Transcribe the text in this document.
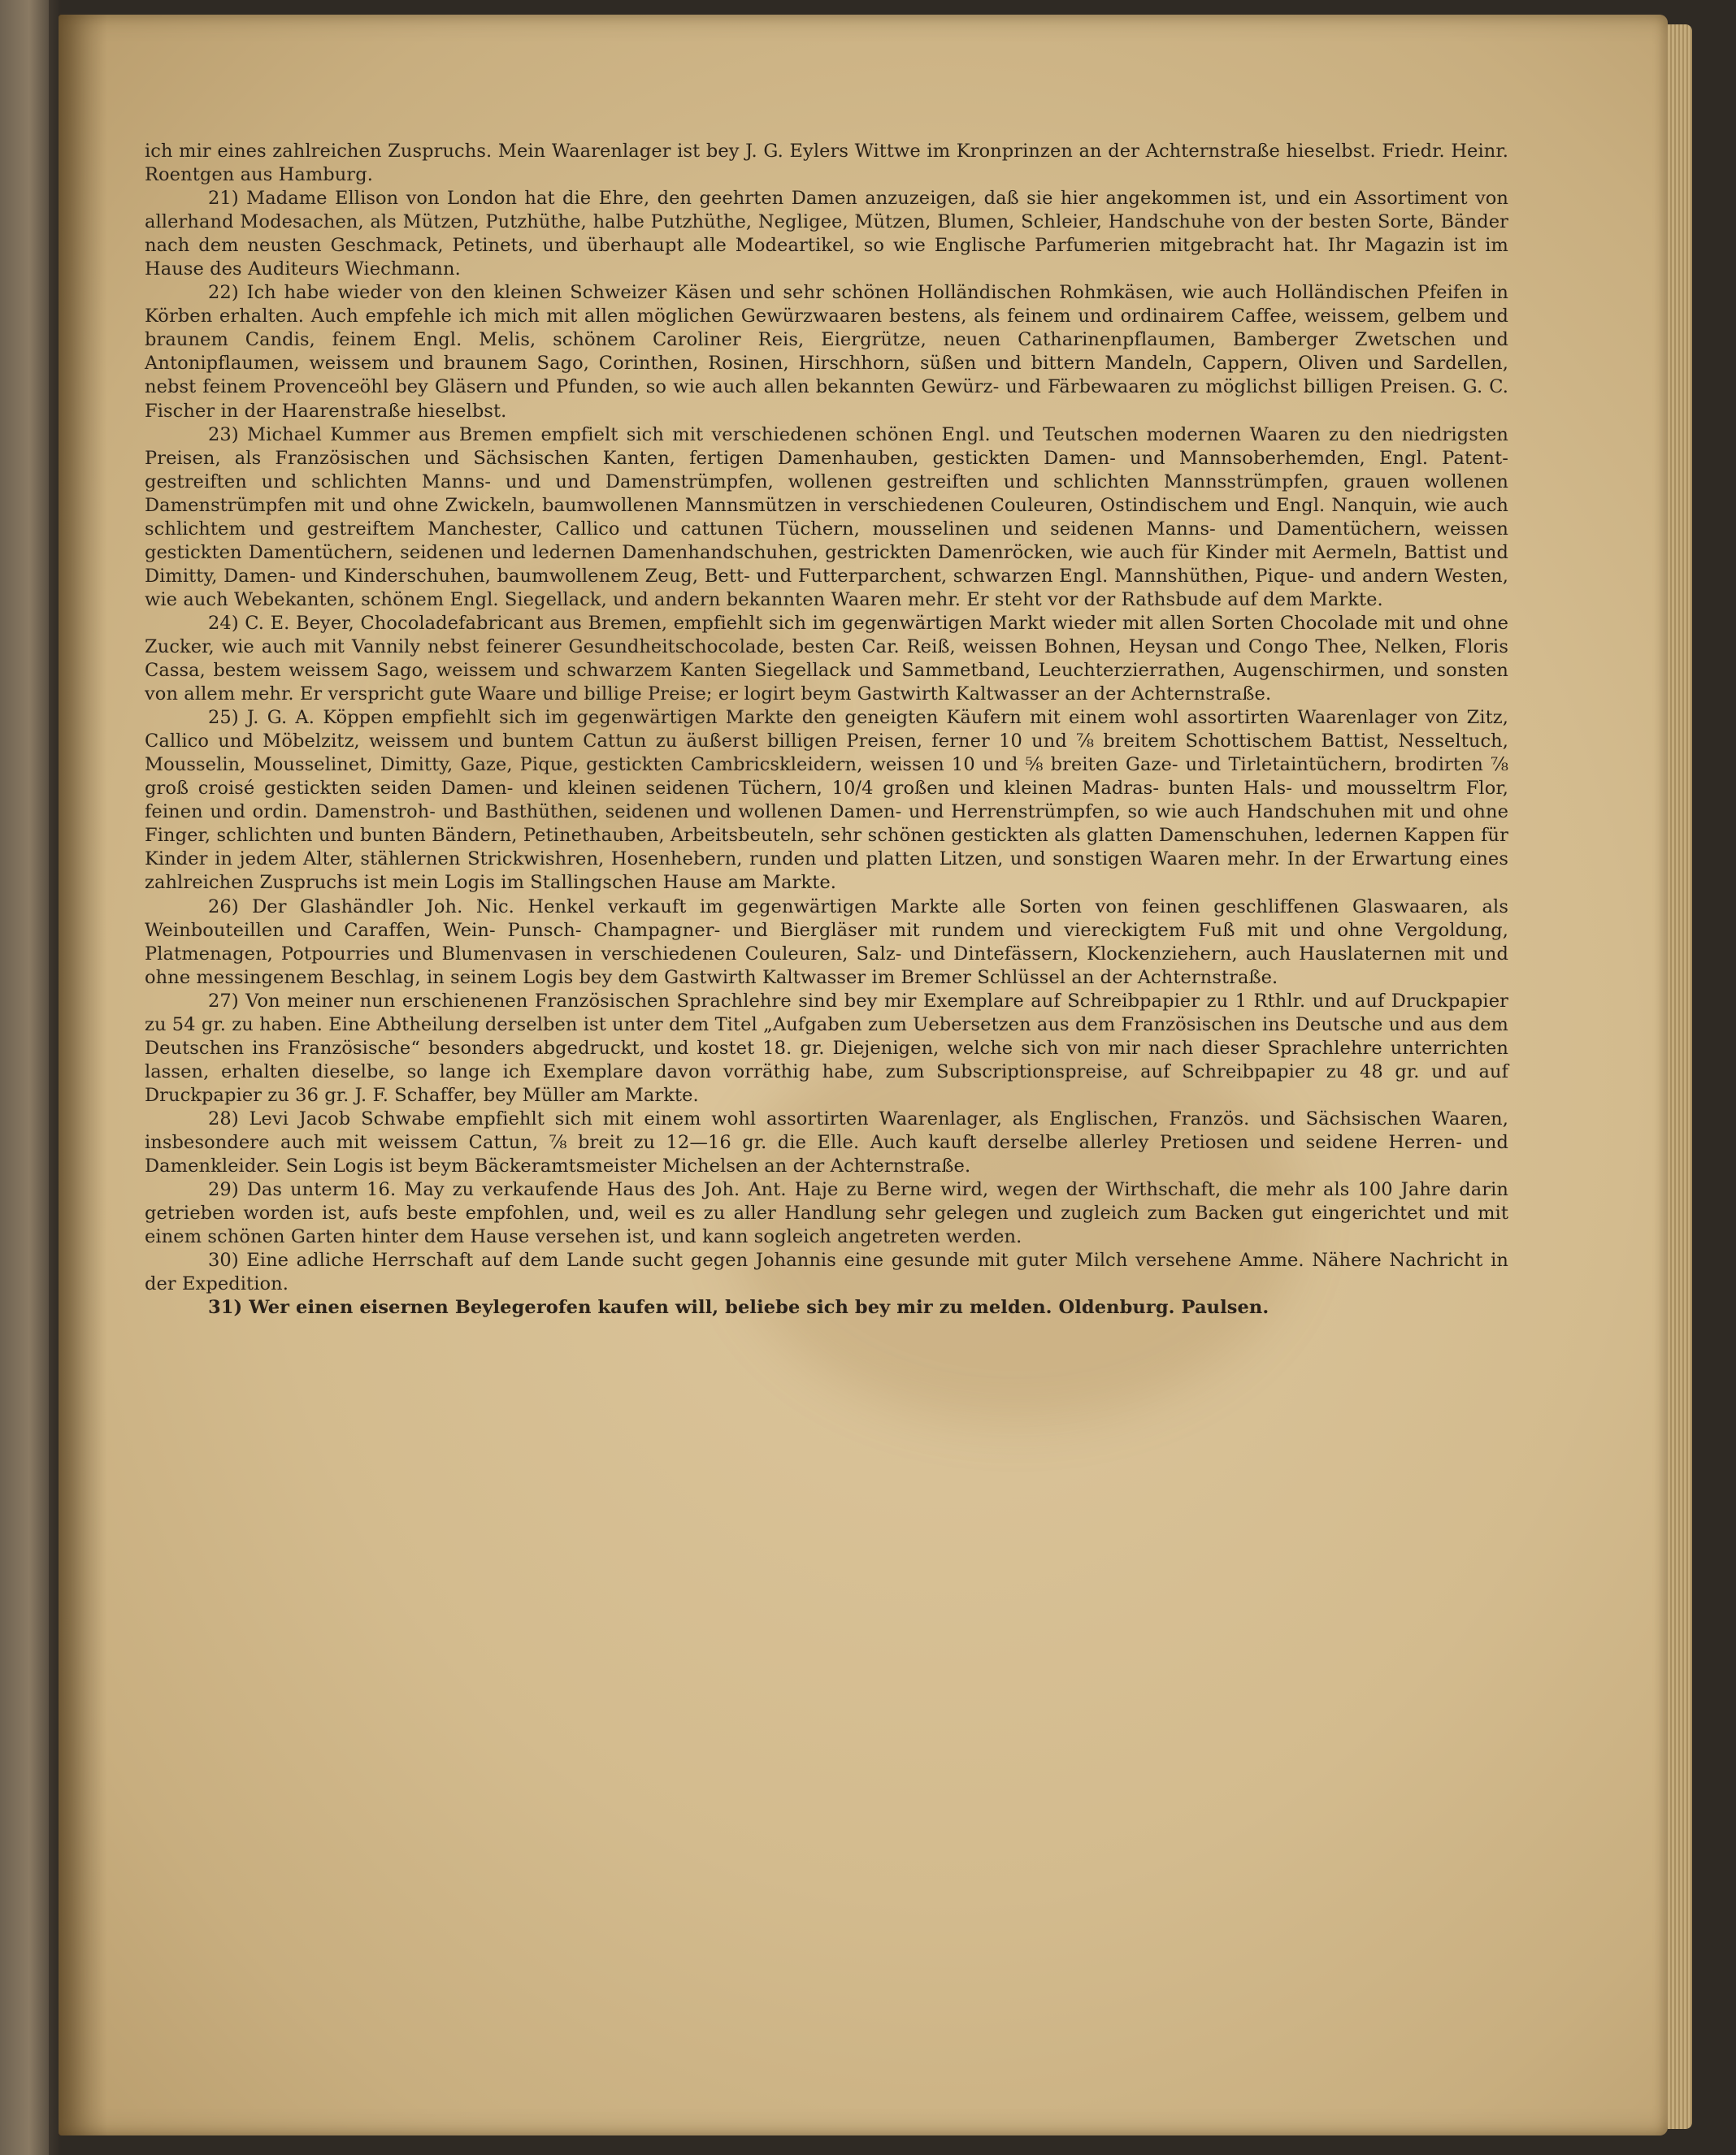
ich mir eines zahlreichen Zuspruchs. Mein Waarenlager ist bey J. G. Eylers Wittwe im Kronprinzen an der Achternstraße hieselbst. Friedr. Heinr. Roentgen aus Hamburg.

21) Madame Ellison von London hat die Ehre, den geehrten Damen anzuzeigen, daß sie hier angekommen ist, und ein Assortiment von allerhand Modesachen, als Mützen, Putzhüthe, halbe Putzhüthe, Negligee, Mützen, Blumen, Schleier, Handschuhe von der besten Sorte, Bänder nach dem neusten Geschmack, Petinets, und überhaupt alle Modeartikel, so wie Englische Parfumerien mitgebracht hat. Ihr Magazin ist im Hause des Auditeurs Wiechmann.

22) Ich habe wieder von den kleinen Schweizer Käsen und sehr schönen Holländischen Rohmkäsen, wie auch Holländischen Pfeifen in Körben erhalten. Auch empfehle ich mich mit allen möglichen Gewürzwaaren bestens, als feinem und ordinairem Caffee, weissem, gelbem und braunem Candis, feinem Engl. Melis, schönem Caroliner Reis, Eiergrütze, neuen Catharinenpflaumen, Bamberger Zwetschen und Antonipflaumen, weissem und braunem Sago, Corinthen, Rosinen, Hirschhorn, süßen und bittern Mandeln, Cappern, Oliven und Sardellen, nebst feinem Provenceöhl bey Gläsern und Pfunden, so wie auch allen bekannten Gewürz- und Färbewaaren zu möglichst billigen Preisen. G. C. Fischer in der Haarenstraße hieselbst.

23) Michael Kummer aus Bremen empfielt sich mit verschiedenen schönen Engl. und Teutschen modernen Waaren zu den niedrigsten Preisen, als Französischen und Sächsischen Kanten, fertigen Damenhauben, gestickten Damen- und Mannsoberhemden, Engl. Patent- gestreiften und schlichten Manns- und und Damenstrümpfen, wollenen gestreiften und schlichten Mannsstrümpfen, grauen wollenen Damenstrümpfen mit und ohne Zwickeln, baumwollenen Mannsmützen in verschiedenen Couleuren, Ostindischem und Engl. Nanquin, wie auch schlichtem und gestreiftem Manchester, Callico und cattunen Tüchern, mousselinen und seidenen Manns- und Damentüchern, weissen gestickten Damentüchern, seidenen und ledernen Damenhandschuhen, gestrickten Damenröcken, wie auch für Kinder mit Aermeln, Battist und Dimitty, Damen- und Kinderschuhen, baumwollenem Zeug, Bett- und Futterparchent, schwarzen Engl. Mannshüthen, Pique- und andern Westen, wie auch Webekanten, schönem Engl. Siegellack, und andern bekannten Waaren mehr. Er steht vor der Rathsbude auf dem Markte.

24) C. E. Beyer, Chocoladefabricant aus Bremen, empfiehlt sich im gegenwärtigen Markt wieder mit allen Sorten Chocolade mit und ohne Zucker, wie auch mit Vannily nebst feinerer Gesundheitschocolade, besten Car. Reiß, weissen Bohnen, Heysan und Congo Thee, Nelken, Floris Cassa, bestem weissem Sago, weissem und schwarzem Kanten Siegellack und Sammetband, Leuchterzierrathen, Augenschirmen, und sonsten von allem mehr. Er verspricht gute Waare und billige Preise; er logirt beym Gastwirth Kaltwasser an der Achternstraße.

25) J. G. A. Köppen empfiehlt sich im gegenwärtigen Markte den geneigten Käufern mit einem wohl assortirten Waarenlager von Zitz, Callico und Möbelzitz, weissem und buntem Cattun zu äußerst billigen Preisen, ferner 10 und ⅞ breitem Schottischem Battist, Nesseltuch, Mousselin, Mousselinet, Dimitty, Gaze, Pique, gestickten Cambricskleidern, weissen 10 und ⅝ breiten Gaze- und Tirletaintüchern, brodirten ⅞ groß croisé gestickten seiden Damen- und kleinen seidenen Tüchern, 10/4 großen und kleinen Madras- bunten Hals- und mousseltrm Flor, feinen und ordin. Damenstroh- und Basthüthen, seidenen und wollenen Damen- und Herrenstrümpfen, so wie auch Handschuhen mit und ohne Finger, schlichten und bunten Bändern, Petinethauben, Arbeitsbeuteln, sehr schönen gestickten als glatten Damenschuhen, ledernen Kappen für Kinder in jedem Alter, stählernen Strickwishren, Hosenhebern, runden und platten Litzen, und sonstigen Waaren mehr. In der Erwartung eines zahlreichen Zuspruchs ist mein Logis im Stallingschen Hause am Markte.

26) Der Glashändler Joh. Nic. Henkel verkauft im gegenwärtigen Markte alle Sorten von feinen geschliffenen Glaswaaren, als Weinbouteillen und Caraffen, Wein- Punsch- Champagner- und Biergläser mit rundem und viereckigtem Fuß mit und ohne Vergoldung, Platmenagen, Potpourries und Blumenvasen in verschiedenen Couleuren, Salz- und Dintefässern, Klockenziehern, auch Hauslaternen mit und ohne messingenem Beschlag, in seinem Logis bey dem Gastwirth Kaltwasser im Bremer Schlüssel an der Achternstraße.

27) Von meiner nun erschienenen Französischen Sprachlehre sind bey mir Exemplare auf Schreibpapier zu 1 Rthlr. und auf Druckpapier zu 54 gr. zu haben. Eine Abtheilung derselben ist unter dem Titel „Aufgaben zum Uebersetzen aus dem Französischen ins Deutsche und aus dem Deutschen ins Französische“ besonders abgedruckt, und kostet 18. gr. Diejenigen, welche sich von mir nach dieser Sprachlehre unterrichten lassen, erhalten dieselbe, so lange ich Exemplare davon vorräthig habe, zum Subscriptionspreise, auf Schreibpapier zu 48 gr. und auf Druckpapier zu 36 gr. J. F. Schaffer, bey Müller am Markte.

28) Levi Jacob Schwabe empfiehlt sich mit einem wohl assortirten Waarenlager, als Englischen, Französ. und Sächsischen Waaren, insbesondere auch mit weissem Cattun, ⅞ breit zu 12—16 gr. die Elle. Auch kauft derselbe allerley Pretiosen und seidene Herren- und Damenkleider. Sein Logis ist beym Bäckeramtsmeister Michelsen an der Achternstraße.

29) Das unterm 16. May zu verkaufende Haus des Joh. Ant. Haje zu Berne wird, wegen der Wirthschaft, die mehr als 100 Jahre darin getrieben worden ist, aufs beste empfohlen, und, weil es zu aller Handlung sehr gelegen und zugleich zum Backen gut eingerichtet und mit einem schönen Garten hinter dem Hause versehen ist, und kann sogleich angetreten werden.

30) Eine adliche Herrschaft auf dem Lande sucht gegen Johannis eine gesunde mit guter Milch versehene Amme. Nähere Nachricht in der Expedition.

31) Wer einen eisernen Beylegerofen kaufen will, beliebe sich bey mir zu melden. Oldenburg. Paulsen.
